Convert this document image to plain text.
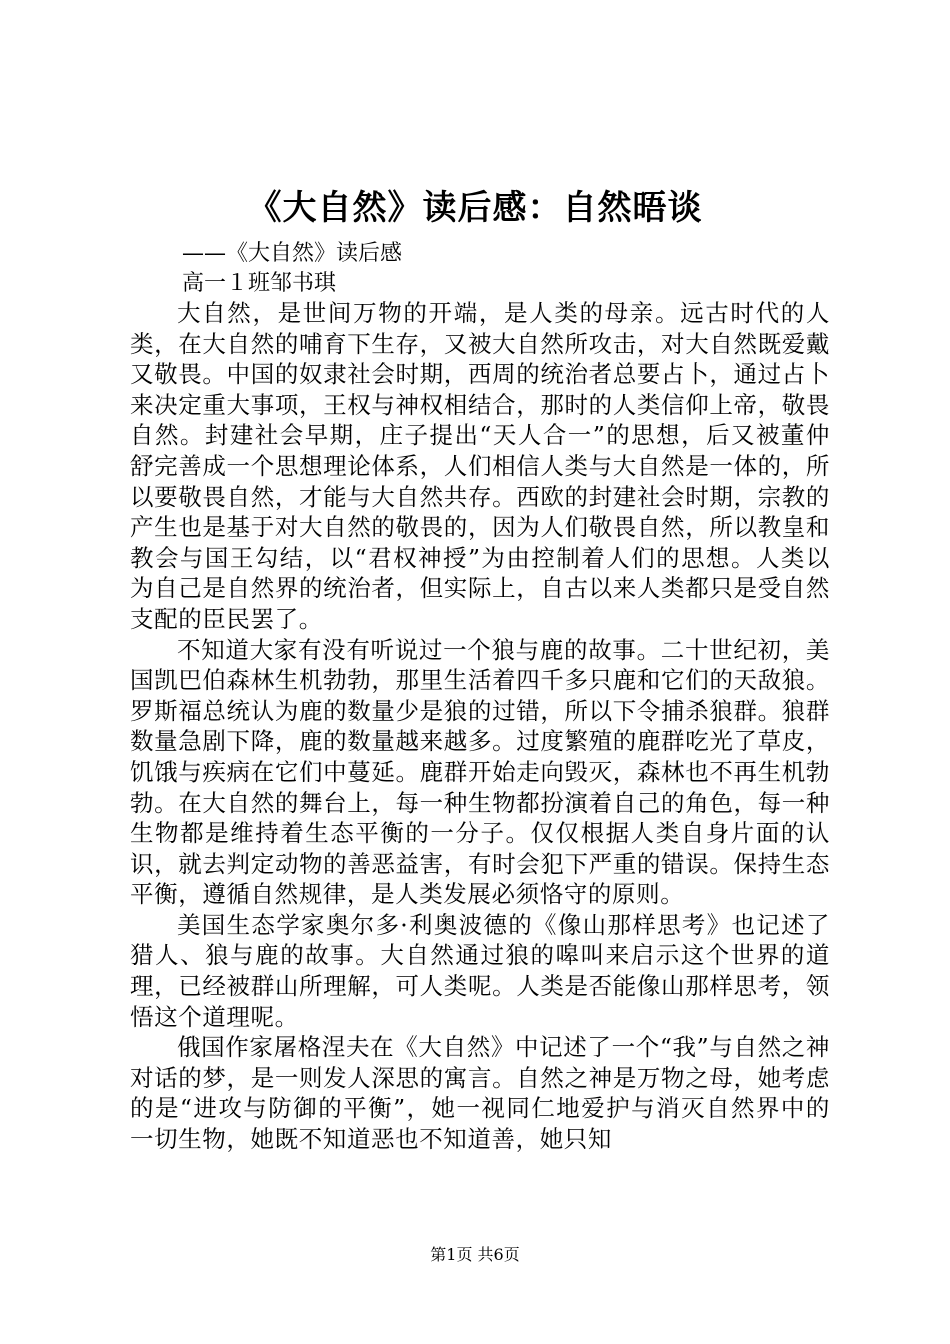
《大自然》读后感：自然晤谈

——《大自然》读后感

高一１班邹书琪

大自然，是世间万物的开端，是人类的母亲。远古时代的人类，在大自然的哺育下生存，又被大自然所攻击，对大自然既爱戴又敬畏。中国的奴隶社会时期，西周的统治者总要占卜，通过占卜来决定重大事项，王权与神权相结合，那时的人类信仰上帝，敬畏自然。封建社会早期，庄子提出“天人合一”的思想，后又被董仲舒完善成一个思想理论体系，人们相信人类与大自然是一体的，所以要敬畏自然，才能与大自然共存。西欧的封建社会时期，宗教的产生也是基于对大自然的敬畏的，因为人们敬畏自然，所以教皇和教会与国王勾结，以“君权神授”为由控制着人们的思想。人类以为自己是自然界的统治者，但实际上，自古以来人类都只是受自然支配的臣民罢了。

不知道大家有没有听说过一个狼与鹿的故事。二十世纪初，美国凯巴伯森林生机勃勃，那里生活着四千多只鹿和它们的天敌狼。罗斯福总统认为鹿的数量少是狼的过错，所以下令捕杀狼群。狼群数量急剧下降，鹿的数量越来越多。过度繁殖的鹿群吃光了草皮，饥饿与疾病在它们中蔓延。鹿群开始走向毁灭，森林也不再生机勃勃。在大自然的舞台上，每一种生物都扮演着自己的角色，每一种生物都是维持着生态平衡的一分子。仅仅根据人类自身片面的认识，就去判定动物的善恶益害，有时会犯下严重的错误。保持生态平衡，遵循自然规律，是人类发展必须恪守的原则。

美国生态学家奥尔多·利奥波德的《像山那样思考》也记述了猎人、狼与鹿的故事。大自然通过狼的嗥叫来启示这个世界的道理，已经被群山所理解，可人类呢。人类是否能像山那样思考，领悟这个道理呢。

俄国作家屠格涅夫在《大自然》中记述了一个“我”与自然之神对话的梦，是一则发人深思的寓言。自然之神是万物之母，她考虑的是“进攻与防御的平衡”，她一视同仁地爱护与消灭自然界中的一切生物，她既不知道恶也不知道善，她只知

第1页 共6页
